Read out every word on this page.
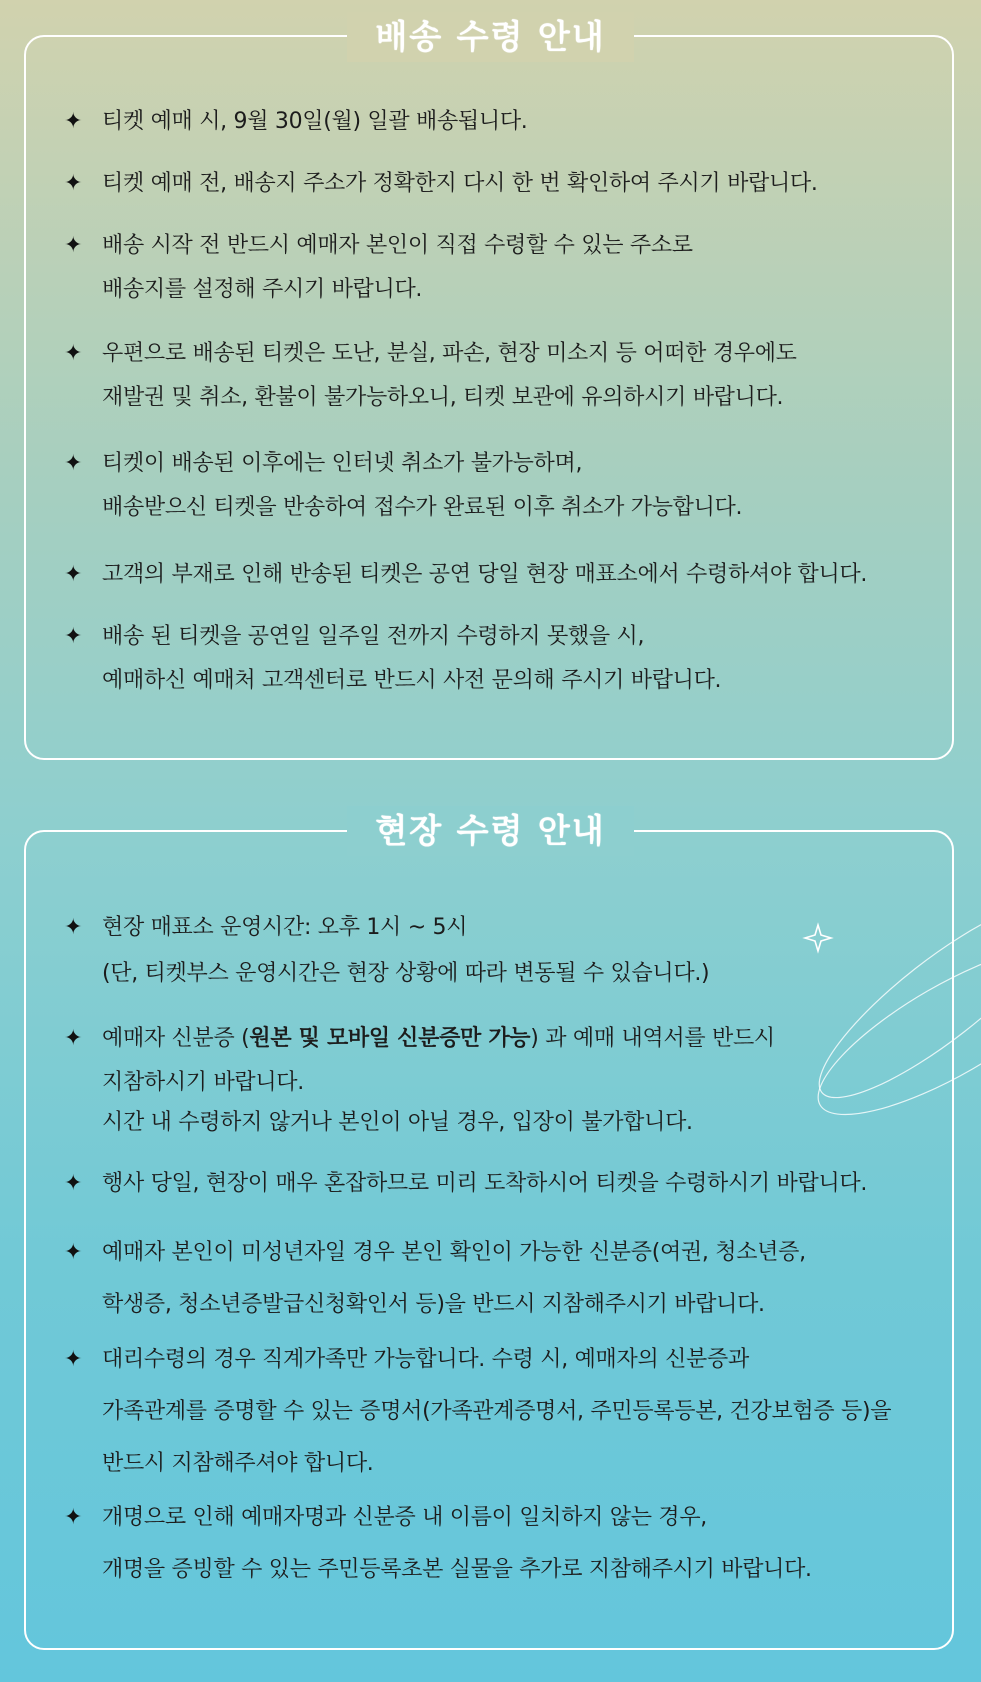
배송 수령 안내
✦ 티켓 예매 시, 9월 30일(월) 일괄 배송됩니다.
✦ 티켓 예매 전, 배송지 주소가 정확한지 다시 한 번 확인하여 주시기 바랍니다.
✦ 배송 시작 전 반드시 예매자 본인이 직접 수령할 수 있는 주소로
배송지를 설정해 주시기 바랍니다.
✦ 우편으로 배송된 티켓은 도난, 분실, 파손, 현장 미소지 등 어떠한 경우에도
재발권 및 취소, 환불이 불가능하오니, 티켓 보관에 유의하시기 바랍니다.
✦ 티켓이 배송된 이후에는 인터넷 취소가 불가능하며,
배송받으신 티켓을 반송하여 접수가 완료된 이후 취소가 가능합니다.
✦ 고객의 부재로 인해 반송된 티켓은 공연 당일 현장 매표소에서 수령하셔야 합니다.
✦ 배송 된 티켓을 공연일 일주일 전까지 수령하지 못했을 시,
예매하신 예매처 고객센터로 반드시 사전 문의해 주시기 바랍니다.
현장 수령 안내
✦ 현장 매표소 운영시간: 오후 1시 ~ 5시
(단, 티켓부스 운영시간은 현장 상황에 따라 변동될 수 있습니다.)
✦ 예매자 신분증 (원본 및 모바일 신분증만 가능) 과 예매 내역서를 반드시
지참하시기 바랍니다.
시간 내 수령하지 않거나 본인이 아닐 경우, 입장이 불가합니다.
✦ 행사 당일, 현장이 매우 혼잡하므로 미리 도착하시어 티켓을 수령하시기 바랍니다.
✦ 예매자 본인이 미성년자일 경우 본인 확인이 가능한 신분증(여권, 청소년증,
학생증, 청소년증발급신청확인서 등)을 반드시 지참해주시기 바랍니다.
✦ 대리수령의 경우 직계가족만 가능합니다. 수령 시, 예매자의 신분증과
가족관계를 증명할 수 있는 증명서(가족관계증명서, 주민등록등본, 건강보험증 등)을
반드시 지참해주셔야 합니다.
✦ 개명으로 인해 예매자명과 신분증 내 이름이 일치하지 않는 경우,
개명을 증빙할 수 있는 주민등록초본 실물을 추가로 지참해주시기 바랍니다.
